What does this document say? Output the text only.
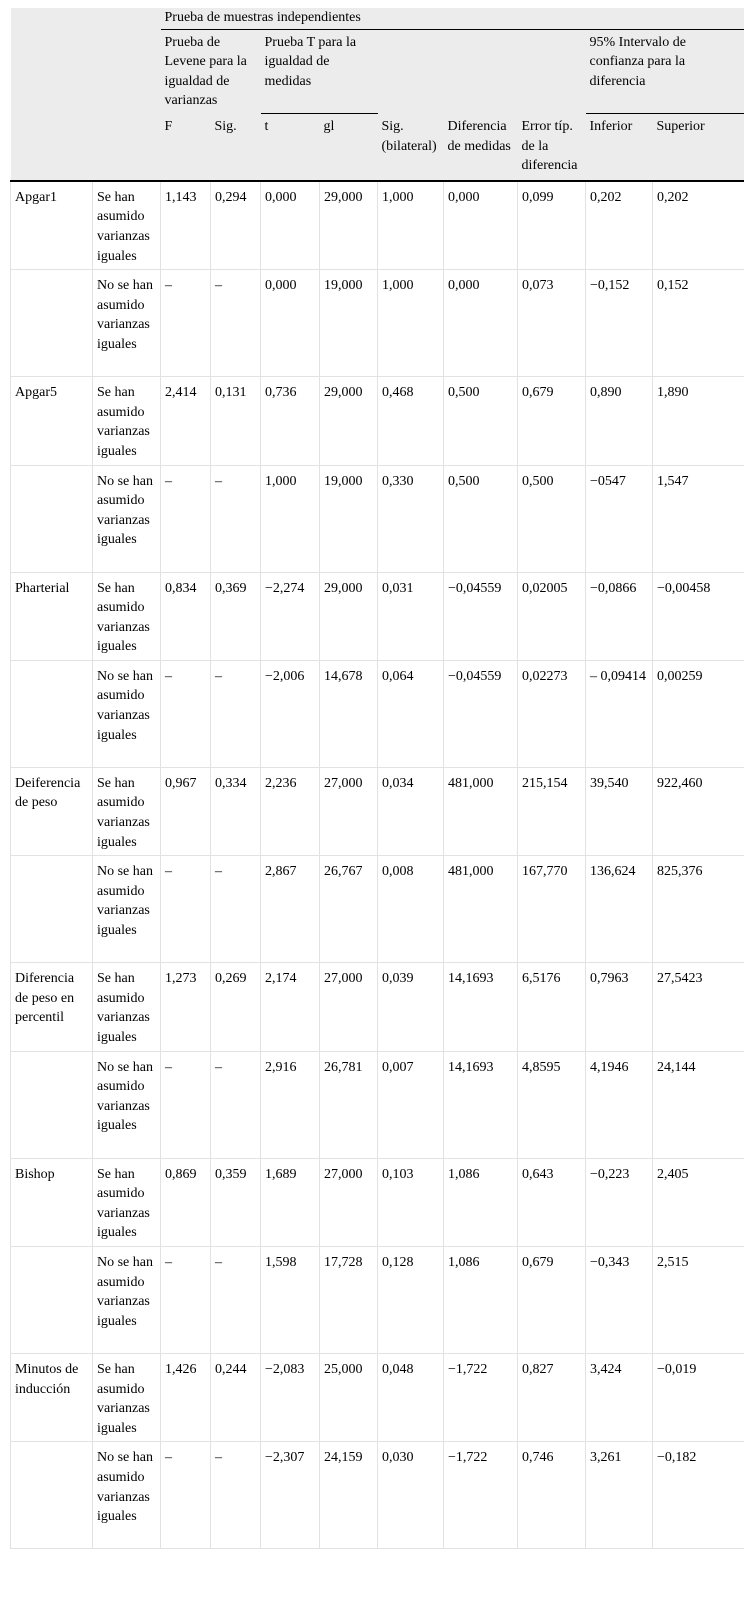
		Prueba de muestras independientes								
		Prueba de Levene para la igualdad de varianzas		Prueba T para la igualdad de medidas					95% Intervalo de confianza para la diferencia	
		F	Sig.	t	gl	Sig. (bilateral)	Diferencia de medidas	Error típ. de la diferencia	Inferior	Superior
Apgar1	Se han asumido varianzas iguales	1,143	0,294	0,000	29,000	1,000	0,000	0,099	0,202	0,202
	No se han asumido varianzas iguales	–	–	0,000	19,000	1,000	0,000	0,073	−0,152	0,152
Apgar5	Se han asumido varianzas iguales	2,414	0,131	0,736	29,000	0,468	0,500	0,679	0,890	1,890
	No se han asumido varianzas iguales	–	–	1,000	19,000	0,330	0,500	0,500	−0547	1,547
Pharterial	Se han asumido varianzas iguales	0,834	0,369	−2,274	29,000	0,031	−0,04559	0,02005	−0,0866	−0,00458
	No se han asumido varianzas iguales	–	–	−2,006	14,678	0,064	−0,04559	0,02273	– 0,09414	0,00259
Deiferencia de peso	Se han asumido varianzas iguales	0,967	0,334	2,236	27,000	0,034	481,000	215,154	39,540	922,460
	No se han asumido varianzas iguales	–	–	2,867	26,767	0,008	481,000	167,770	136,624	825,376
Diferencia de peso en percentil	Se han asumido varianzas iguales	1,273	0,269	2,174	27,000	0,039	14,1693	6,5176	0,7963	27,5423
	No se han asumido varianzas iguales	–	–	2,916	26,781	0,007	14,1693	4,8595	4,1946	24,144
Bishop	Se han asumido varianzas iguales	0,869	0,359	1,689	27,000	0,103	1,086	0,643	−0,223	2,405
	No se han asumido varianzas iguales	–	–	1,598	17,728	0,128	1,086	0,679	−0,343	2,515
Minutos de inducción	Se han asumido varianzas iguales	1,426	0,244	−2,083	25,000	0,048	−1,722	0,827	3,424	−0,019
	No se han asumido varianzas iguales	–	–	−2,307	24,159	0,030	−1,722	0,746	3,261	−0,182
